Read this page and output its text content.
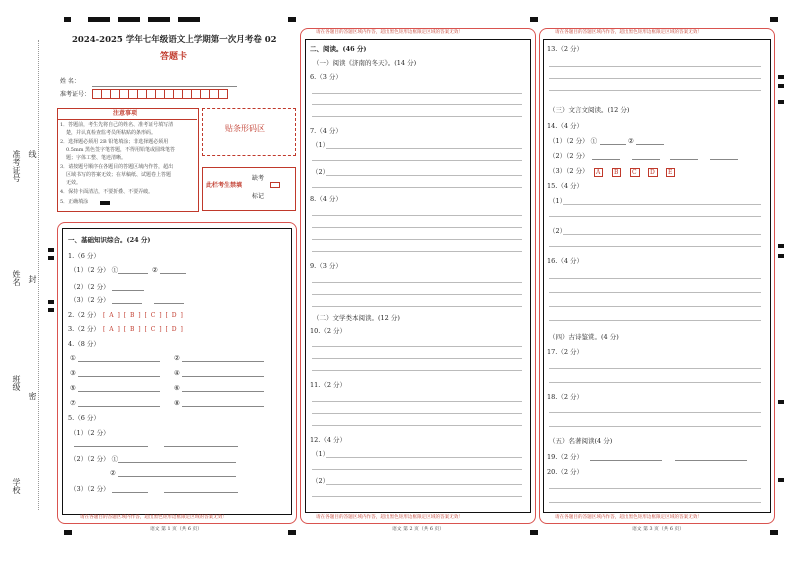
准考证号 线
姓名 封
班级
密
学校
2024-2025 学年七年级语文上学期第一次月考卷 02
答题卡
姓 名：
准考证号：
注意事项
1．答题前，考生先将自己的姓名、准考证号填写清
楚，并认真检查监考员所粘贴的条形码。
2．选择题必须用 2B 铅笔填涂；非选择题必须用
0.5mm 黑色签字笔答题，不得用铅笔或圆珠笔答
题；字体工整、笔迹清晰。
3．请按题号顺序在各题目的答题区域内作答，超出
区域书写的答案无效；在草稿纸、试题卷上答题
无效。
4．保持卡面清洁，不要折叠、不要弄破。
5．正确填涂
贴条形码区
此栏考生禁填
缺考
标记
一、基础知识综合。(24 分)
1.（6 分）
（1）（2 分） ①	②
（2）（2 分）
（3）（2 分）
2.（2 分） [ A ] [ B ] [ C ] [ D ]
3.（2 分） [ A ] [ B ] [ C ] [ D ]
4.（8 分）
①	②
③	④
⑤	⑥
⑦	⑧
5.（6 分）
（1）（2 分）
（2）（2 分） ①
②
（3）（2 分）
请在各题目的答题区域内作答，超出黑色矩形边框限定区域的答案无效！
语文 第 1 页（共 6 页）
请在各题目的答题区域内作答，超出黑色矩形边框限定区域的答案无效！
二、阅读。(46 分)
（一）阅读《济南的冬天》。(14 分)
6.（3 分）
7.（4 分）
（1）
（2）
8.（4 分）
9.（3 分）
（二）文学类本阅读。(12 分)
10.（2 分）
11.（2 分）
12.（4 分）
（1）
（2）
请在各题目的答题区域内作答，超出黑色矩形边框限定区域的答案无效！
语文 第 2 页（共 6 页）
请在各题目的答题区域内作答，超出黑色矩形边框限定区域的答案无效！
13.（2 分）
（三）文言文阅读。(12 分)
14.（4 分）
（1）（2 分） ①	②
（2）（2 分）
（3）（2 分）	A	B	C	D	E
15.（4 分）
（1）
（2）
16.（4 分）
（四）古诗鉴赏。(4 分)
17.（2 分）
18.（2 分）
（五）名著阅读(4 分)
19.（2 分）
20.（2 分）
请在各题目的答题区域内作答，超出黑色矩形边框限定区域的答案无效！
语文 第 3 页（共 6 页）
